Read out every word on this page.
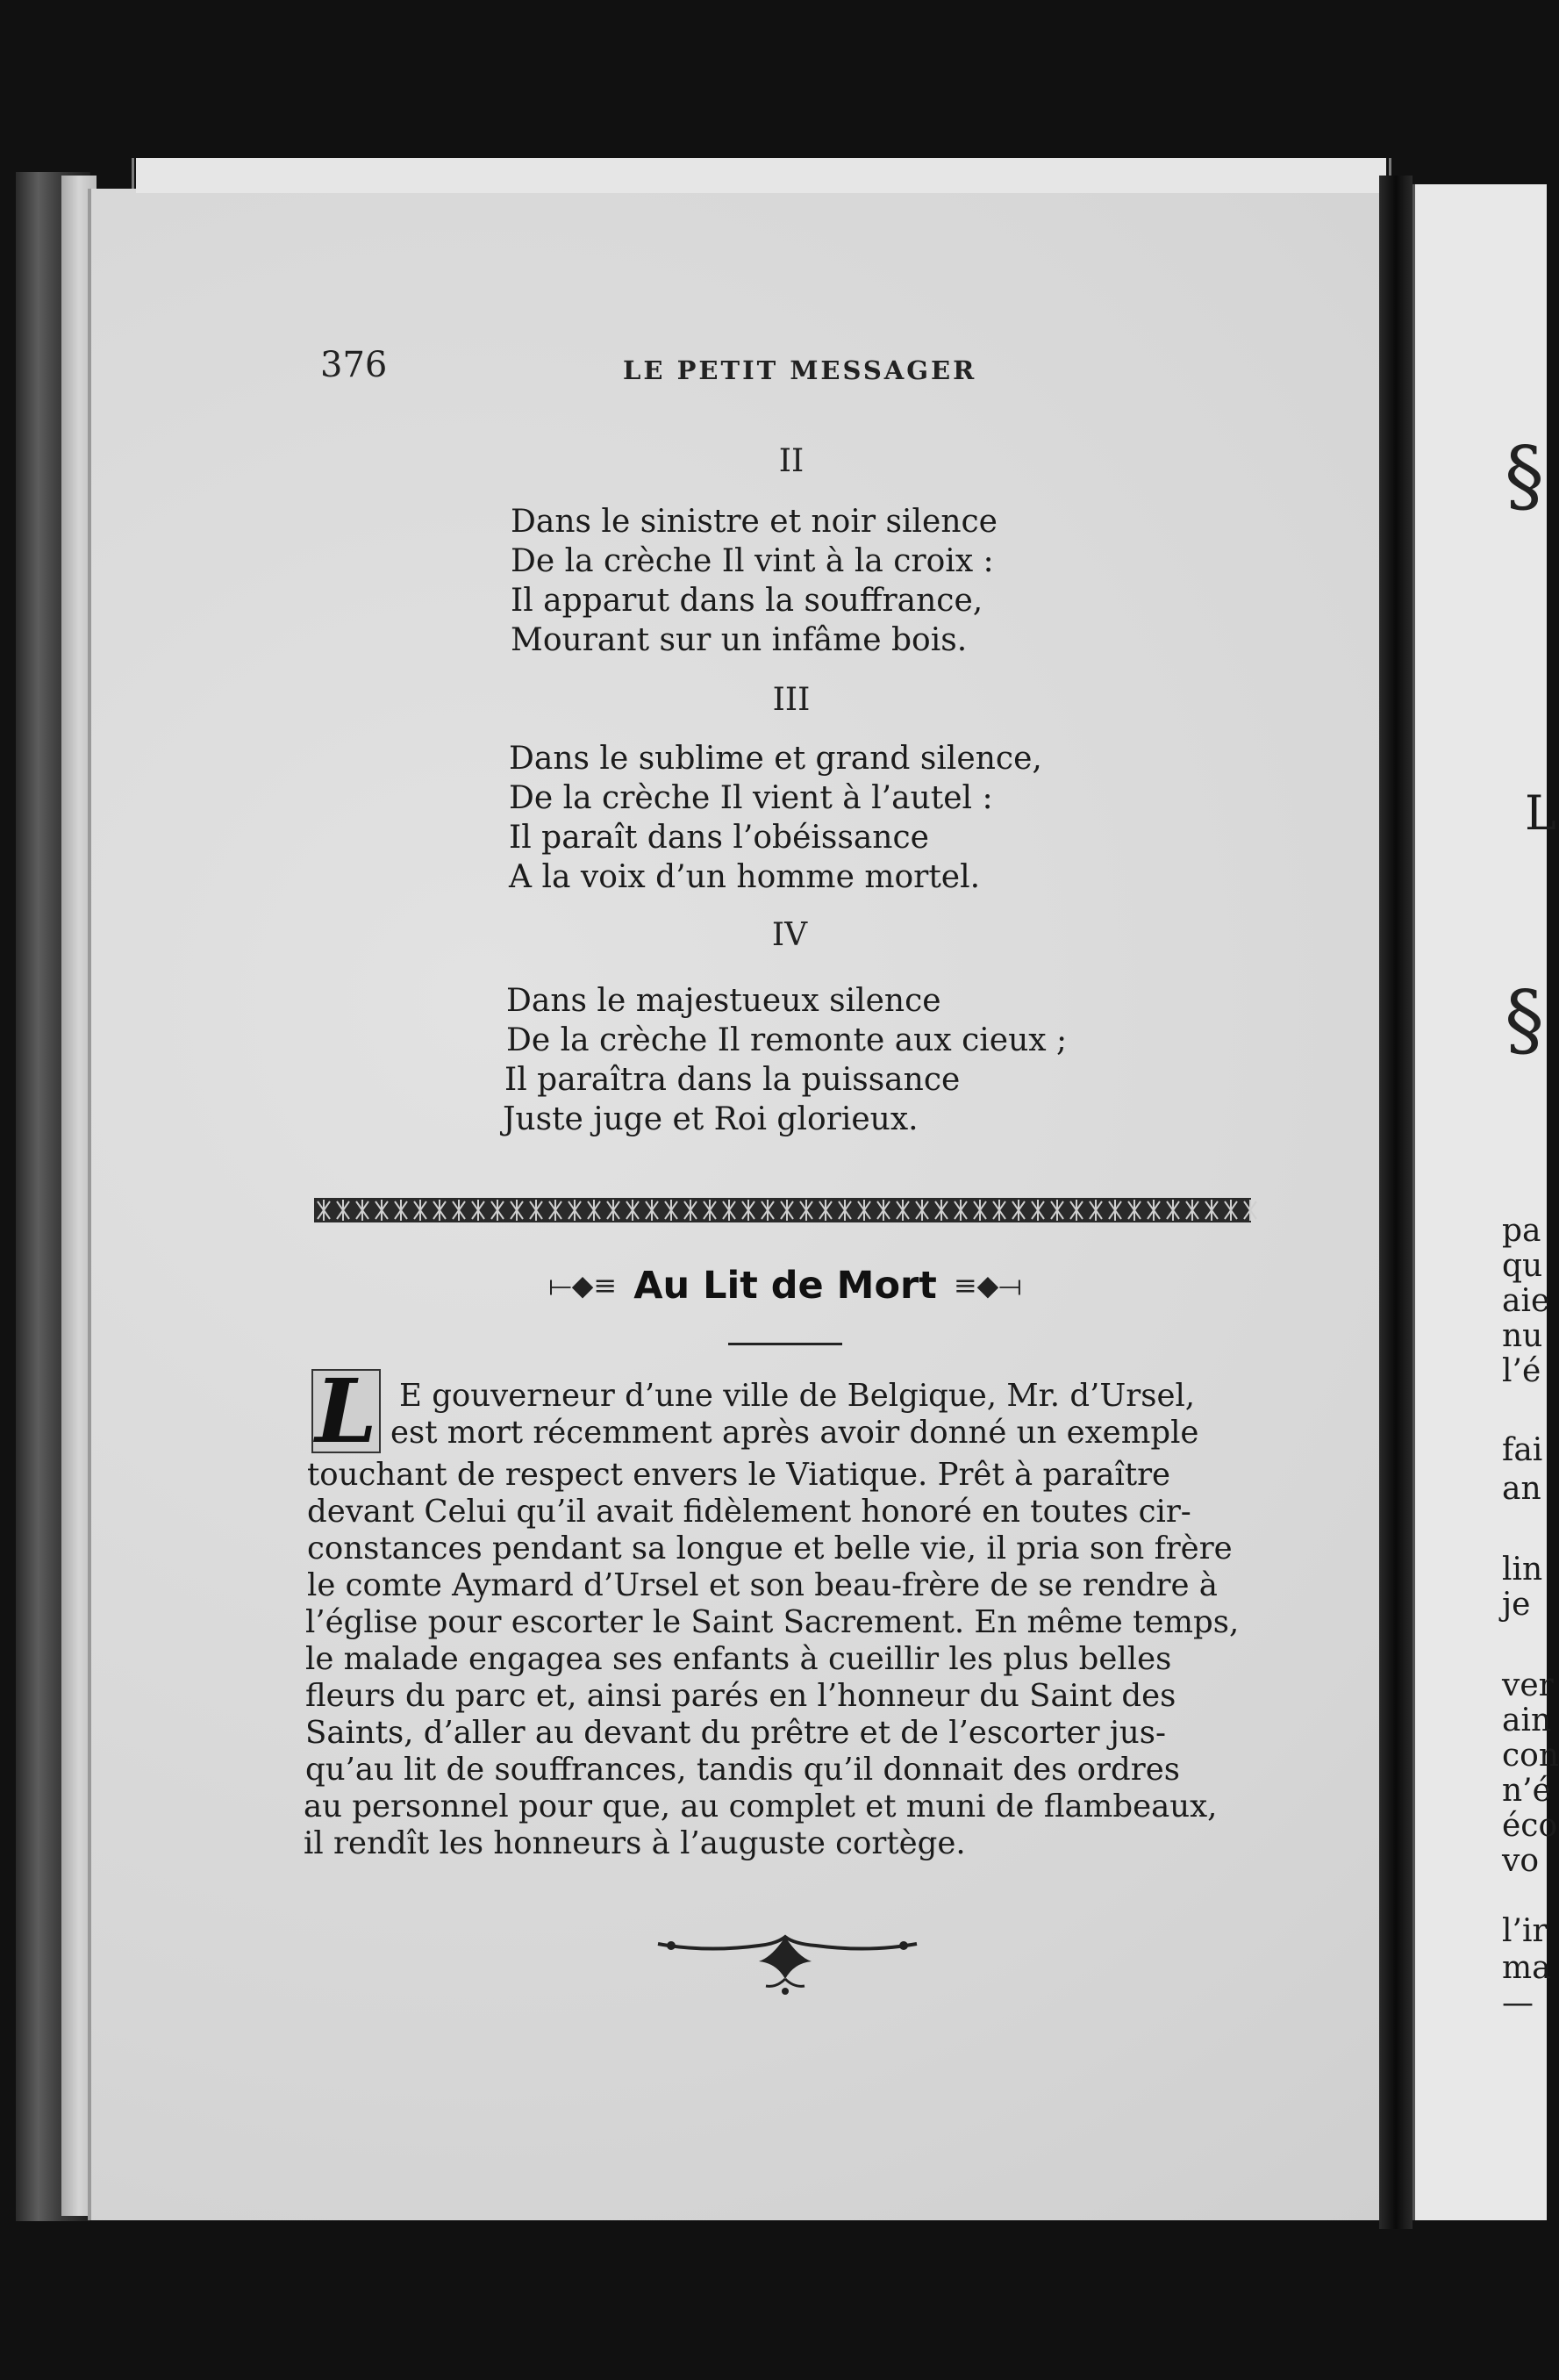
376	LE PETIT MESSAGER
II
Dans le sinistre et noir silence
De la crèche Il vint à la croix :
Il apparut dans la souffrance,
Mourant sur un infâme bois.
III
Dans le sublime et grand silence,
De la crèche Il vient à l’autel :
Il paraît dans l’obéissance
A la voix d’un homme mortel.
IV
Dans le majestueux silence
De la crèche Il remonte aux cieux ;
Il paraîtra dans la puissance
Juste juge et Roi glorieux.
⟝◆≡ Au Lit de Mort ≡◆⟞
L E gouverneur d’une ville de Belgique, Mr. d’Ursel,
est mort récemment après avoir donné un exemple
touchant de respect envers le Viatique. Prêt à paraître
devant Celui qu’il avait fidèlement honoré en toutes cir-
constances pendant sa longue et belle vie, il pria son frère
le comte Aymard d’Ursel et son beau-frère de se rendre à
l’église pour escorter le Saint Sacrement. En même temps,
le malade engagea ses enfants à cueillir les plus belles
fleurs du parc et, ainsi parés en l’honneur du Saint des
Saints, d’aller au devant du prêtre et de l’escorter jus-
qu’au lit de souffrances, tandis qu’il donnait des ordres
au personnel pour que, au complet et muni de flambeaux,
il rendît les honneurs à l’auguste cortège.
§
L
§
pa
qu
aie
nu
l’é
fai
an
lin
je
ver
ain
con
n’é
éco
vo
l’ir
ma
—
